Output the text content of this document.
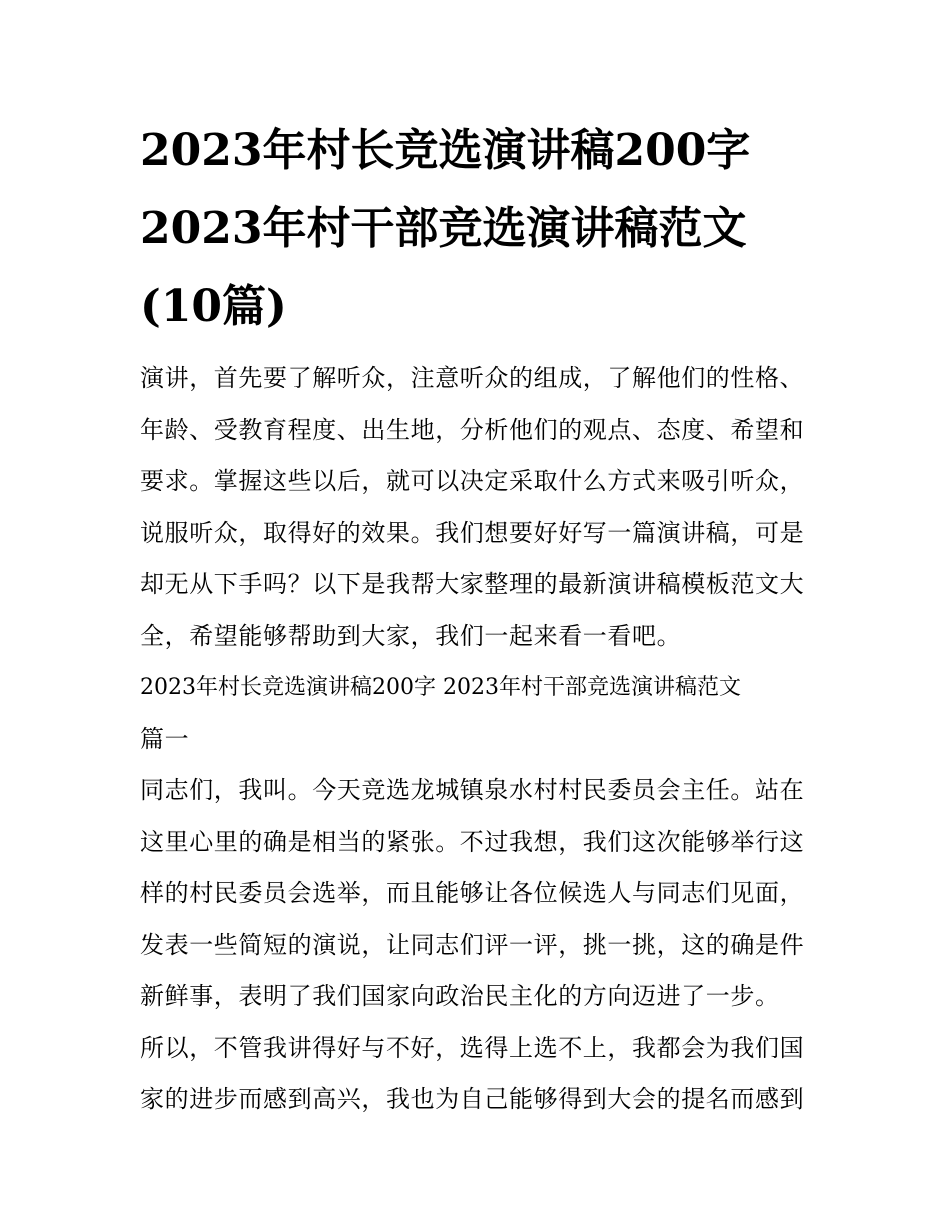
2023年村长竞选演讲稿200字
2023年村干部竞选演讲稿范文
(10篇)

演讲，首先要了解听众，注意听众的组成，了解他们的性格、
年龄、受教育程度、出生地，分析他们的观点、态度、希望和
要求。掌握这些以后，就可以决定采取什么方式来吸引听众，
说服听众，取得好的效果。我们想要好好写一篇演讲稿，可是
却无从下手吗？以下是我帮大家整理的最新演讲稿模板范文大
全，希望能够帮助到大家，我们一起来看一看吧。

2023年村长竞选演讲稿200字 2023年村干部竞选演讲稿范文
篇一

同志们，我叫。今天竞选龙城镇泉水村村民委员会主任。站在
这里心里的确是相当的紧张。不过我想，我们这次能够举行这
样的村民委员会选举，而且能够让各位候选人与同志们见面，
发表一些简短的演说，让同志们评一评，挑一挑，这的确是件
新鲜事，表明了我们国家向政治民主化的方向迈进了一步。

所以，不管我讲得好与不好，选得上选不上，我都会为我们国
家的进步而感到高兴，我也为自己能够得到大会的提名而感到
